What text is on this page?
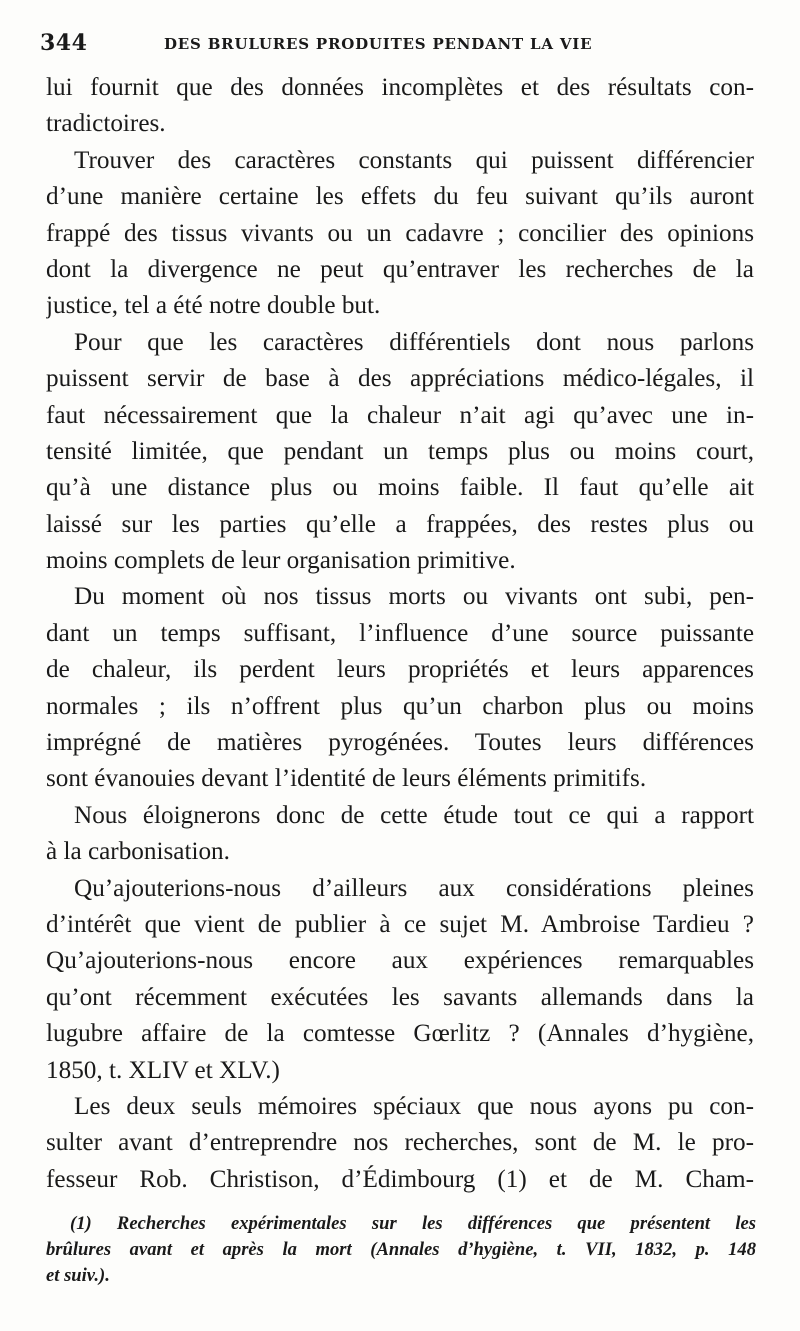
344	DES BRULURES PRODUITES PENDANT LA VIE
lui fournit que des données incomplètes et des résultats con-
tradictoires.
Trouver des caractères constants qui puissent différencier
d’une manière certaine les effets du feu suivant qu’ils auront
frappé des tissus vivants ou un cadavre ; concilier des opinions
dont la divergence ne peut qu’entraver les recherches de la
justice, tel a été notre double but.
Pour que les caractères différentiels dont nous parlons
puissent servir de base à des appréciations médico-légales, il
faut nécessairement que la chaleur n’ait agi qu’avec une in-
tensité limitée, que pendant un temps plus ou moins court,
qu’à une distance plus ou moins faible. Il faut qu’elle ait
laissé sur les parties qu’elle a frappées, des restes plus ou
moins complets de leur organisation primitive.
Du moment où nos tissus morts ou vivants ont subi, pen-
dant un temps suffisant, l’influence d’une source puissante
de chaleur, ils perdent leurs propriétés et leurs apparences
normales ; ils n’offrent plus qu’un charbon plus ou moins
imprégné de matières pyrogénées. Toutes leurs différences
sont évanouies devant l’identité de leurs éléments primitifs.
Nous éloignerons donc de cette étude tout ce qui a rapport
à la carbonisation.
Qu’ajouterions-nous d’ailleurs aux considérations pleines
d’intérêt que vient de publier à ce sujet M. Ambroise Tardieu ?
Qu’ajouterions-nous encore aux expériences remarquables
qu’ont récemment exécutées les savants allemands dans la
lugubre affaire de la comtesse Gœrlitz ? (Annales d’hygiène,
1850, t. XLIV et XLV.)
Les deux seuls mémoires spéciaux que nous ayons pu con-
sulter avant d’entreprendre nos recherches, sont de M. le pro-
fesseur Rob. Christison, d’Édimbourg (1) et de M. Cham-
(1) Recherches expérimentales sur les différences que présentent les
brûlures avant et après la mort (Annales d’hygiène, t. VII, 1832, p. 148
et suiv.).
